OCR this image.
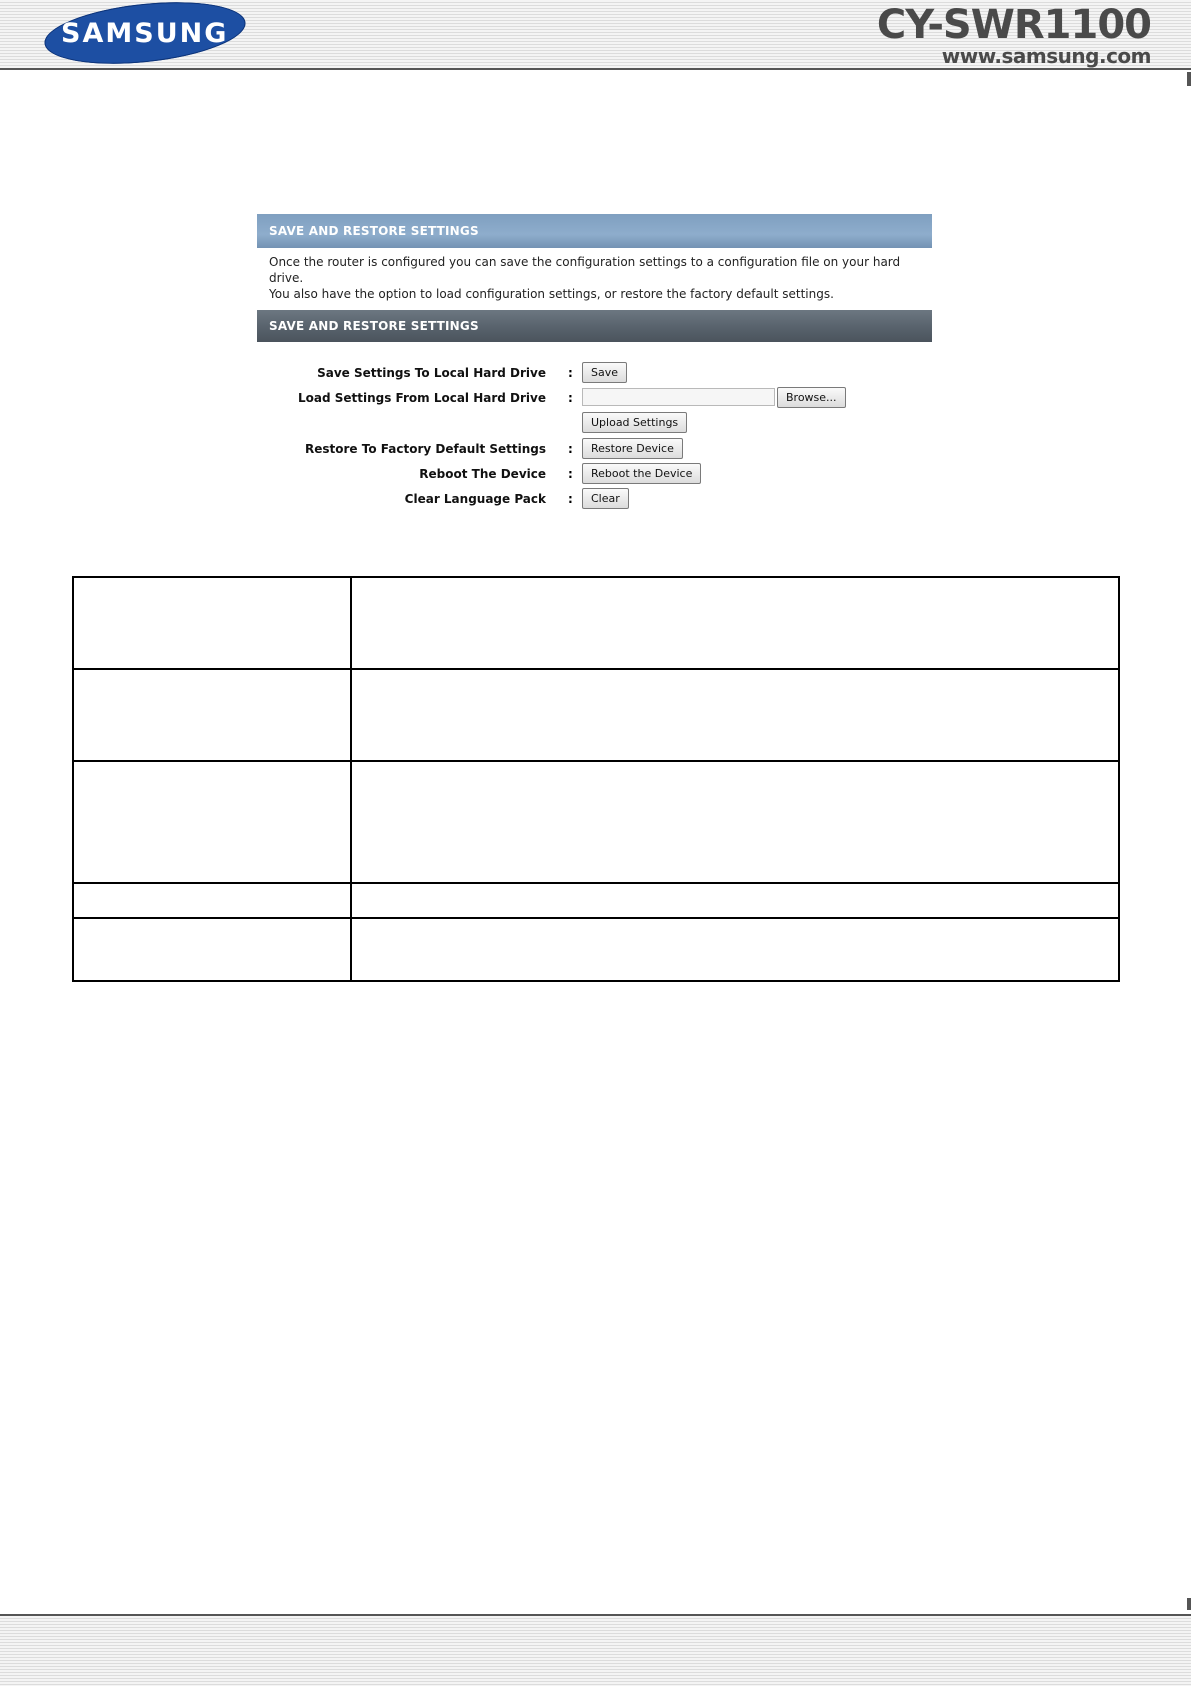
SAMSUNG	CY-SWR1100
www.samsung.com
SAVE AND RESTORE SETTINGS
Once the router is configured you can save the configuration settings to a configuration file on your hard drive.
You also have the option to load configuration settings, or restore the factory default settings.
SAVE AND RESTORE SETTINGS
Save Settings To Local Hard Drive :	Save
Load Settings From Local Hard Drive :	Browse...
Upload Settings
Restore To Factory Default Settings :	Restore Device
Reboot The Device :	Reboot the Device
Clear Language Pack :	Clear
